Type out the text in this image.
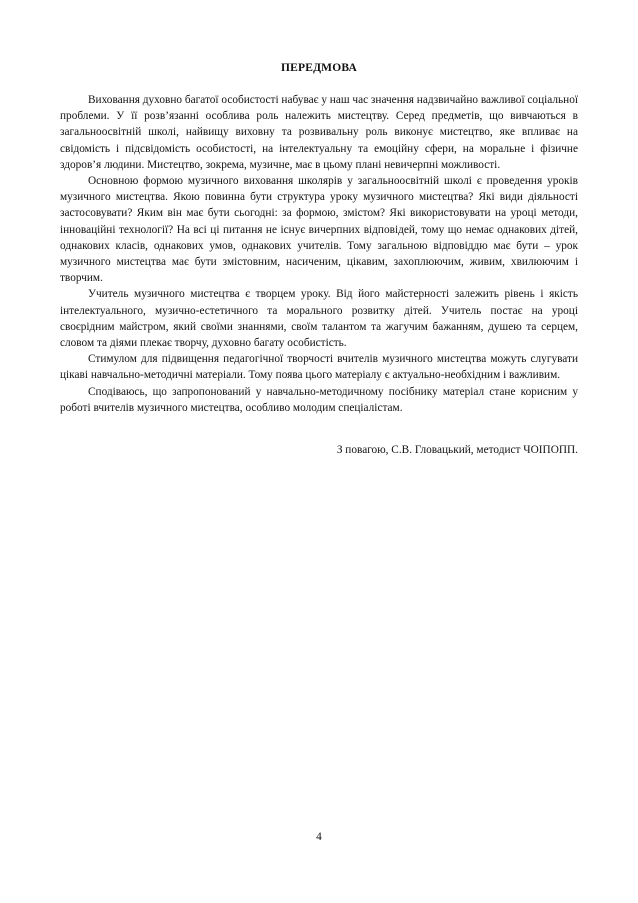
ПЕРЕДМОВА

Виховання духовно багатої особистості набуває у наш час значення надзвичайно важливої соціальної проблеми. У її розв’язанні особлива роль належить мистецтву. Серед предметів, що вивчаються в загальноосвітній школі, найвищу виховну та розвивальну роль виконує мистецтво, яке впливає на свідомість і підсвідомість особистості, на інтелектуальну та емоційну сфери, на моральне і фізичне здоров’я людини. Мистецтво, зокрема, музичне, має в цьому плані невичерпні можливості.

Основною формою музичного виховання школярів у загальноосвітній школі є проведення уроків музичного мистецтва. Якою повинна бути структура уроку музичного мистецтва? Які види діяльності застосовувати? Яким він має бути сьогодні: за формою, змістом? Які використовувати на уроці методи, інноваційні технології? На всі ці питання не існує вичерпних відповідей, тому що немає однакових дітей, однакових класів, однакових умов, однакових учителів. Тому загальною відповіддю має бути – урок музичного мистецтва має бути змістовним, насиченим, цікавим, захоплюючим, живим, хвилюючим і творчим.

Учитель музичного мистецтва є творцем уроку. Від його майстерності залежить рівень і якість інтелектуального, музично-естетичного та морального розвитку дітей. Учитель постає на уроці своєрідним майстром, який своїми знаннями, своїм талантом та жагучим бажанням, душею та серцем, словом та діями плекає творчу, духовно багату особистість.

Стимулом для підвищення педагогічної творчості вчителів музичного мистецтва можуть слугувати цікаві навчально-методичні матеріали. Тому поява цього матеріалу є актуально-необхідним і важливим.

Сподіваюсь, що запропонований у навчально-методичному посібнику матеріал стане корисним у роботі вчителів музичного мистецтва, особливо молодим спеціалістам.

З повагою, С.В. Гловацький, методист ЧОІПОПП.
4
